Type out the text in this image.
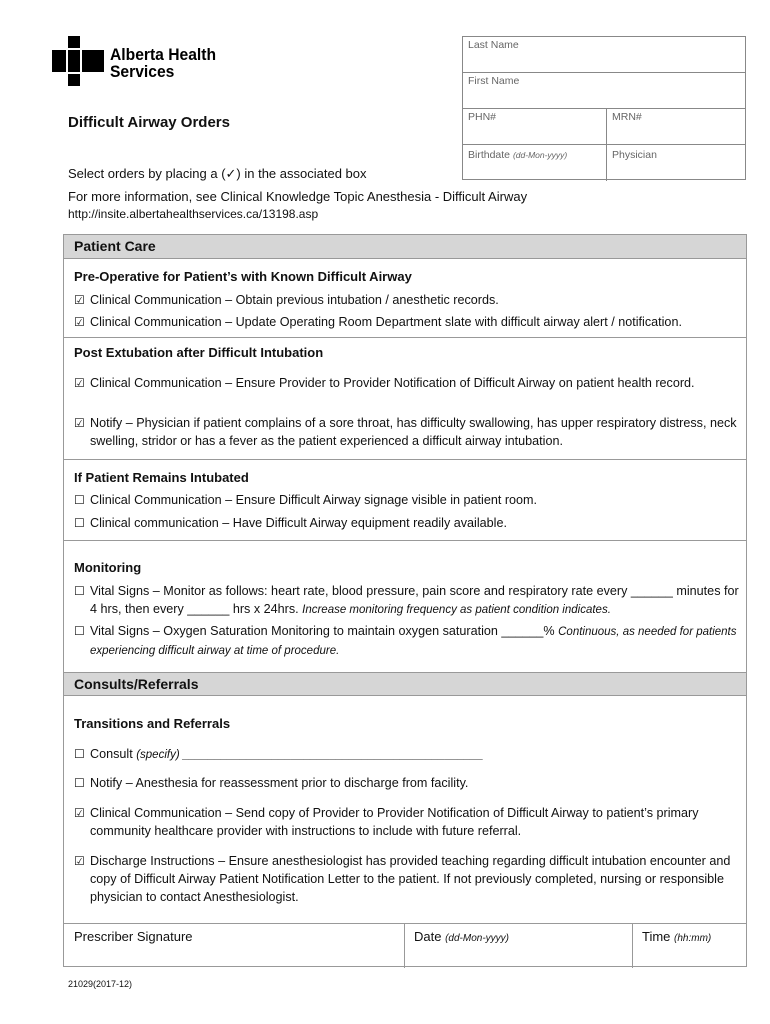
Alberta Health
Services
Difficult Airway Orders
Last Name
First Name
PHN#	MRN#
Birthdate (dd-Mon-yyyy)	Physician
Select orders by placing a (✓) in the associated box
For more information, see Clinical Knowledge Topic Anesthesia - Difficult Airway
http://insite.albertahealthservices.ca/13198.asp
Patient Care
Pre-Operative for Patient’s with Known Difficult Airway
☑ Clinical Communication – Obtain previous intubation / anesthetic records.
☑ Clinical Communication – Update Operating Room Department slate with difficult airway alert / notification.
Post Extubation after Difficult Intubation
☑ Clinical Communication – Ensure Provider to Provider Notification of Difficult Airway on patient health record.
☑ Notify – Physician if patient complains of a sore throat, has difficulty swallowing, has upper respiratory distress, neck swelling, stridor or has a fever as the patient experienced a difficult airway intubation.
If Patient Remains Intubated
☐ Clinical Communication – Ensure Difficult Airway signage visible in patient room.
☐ Clinical communication – Have Difficult Airway equipment readily available.
Monitoring
☐ Vital Signs – Monitor as follows: heart rate, blood pressure, pain score and respiratory rate every ______ minutes for 4 hrs, then every ______ hrs x 24hrs. Increase monitoring frequency as patient condition indicates.
☐ Vital Signs – Oxygen Saturation Monitoring to maintain oxygen saturation ______% Continuous, as needed for patients experiencing difficult airway at time of procedure.
Consults/Referrals
Transitions and Referrals
☐ Consult (specify) _______________________________________________
☐ Notify – Anesthesia for reassessment prior to discharge from facility.
☑ Clinical Communication – Send copy of Provider to Provider Notification of Difficult Airway to patient’s primary community healthcare provider with instructions to include with future referral.
☑ Discharge Instructions – Ensure anesthesiologist has provided teaching regarding difficult intubation encounter and copy of Difficult Airway Patient Notification Letter to the patient. If not previously completed, nursing or responsible physician to contact Anesthesiologist.
Prescriber Signature	Date (dd-Mon-yyyy)	Time (hh:mm)
21029(2017-12)
